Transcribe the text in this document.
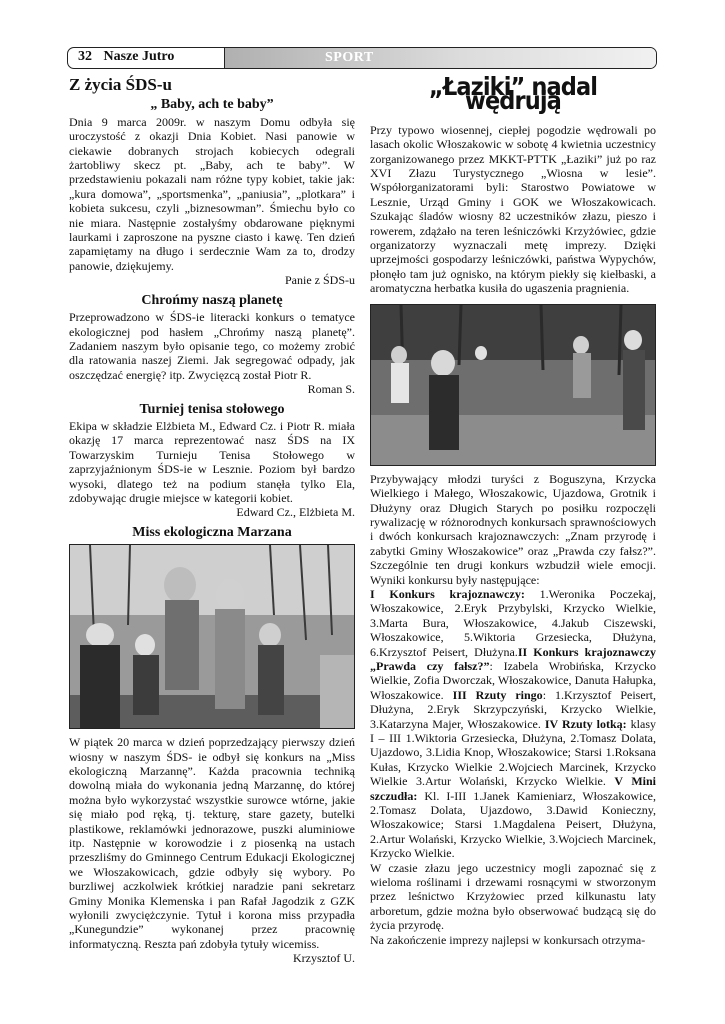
32 Nasze Jutro	SPORT
Z życia ŚDS-u
„ Baby, ach te baby”

Dnia 9 marca 2009r. w naszym Domu odbyła się uroczystość z okazji Dnia Kobiet. Nasi panowie w ciekawie dobranych strojach kobiecych odegrali żartobliwy skecz pt. „Baby, ach te baby”. W przedstawieniu pokazali nam różne typy kobiet, takie jak: „kura domowa”, „sportsmenka”, „paniusia”, „plotkara” i kobieta sukcesu, czyli „biznesowman”. Śmiechu było co nie miara. Następnie zostałyśmy obdarowane pięknymi laurkami i zaproszone na pyszne ciasto i kawę. Ten dzień zapamiętamy na długo i serdecznie Wam za to, drodzy panowie, dziękujemy.

Panie z ŚDS-u

Chrońmy naszą planetę

Przeprowadzono w ŚDS-ie literacki konkurs o tematyce ekologicznej pod hasłem „Chrońmy naszą planetę”. Zadaniem naszym było opisanie tego, co możemy zrobić dla ratowania naszej Ziemi. Jak segregować odpady, jak oszczędzać energię? itp. Zwycięzcą został Piotr R.

Roman S.

Turniej tenisa stołowego

Ekipa w składzie Elżbieta M., Edward Cz. i Piotr R. miała okazję 17 marca reprezentować nasz ŚDS na IX Towarzyskim Turnieju Tenisa Stołowego w zaprzyjaźnionym ŚDS-ie w Lesznie. Poziom był bardzo wysoki, dlatego też na podium stanęła tylko Ela, zdobywając drugie miejsce w kategorii kobiet.

Edward Cz., Elżbieta M.

Miss ekologiczna Marzana

W piątek 20 marca w dzień poprzedzający pierwszy dzień wiosny w naszym ŚDS- ie odbył się konkurs na „Miss ekologiczną Marzannę”. Każda pracownia techniką dowolną miała do wykonania jedną Marzannę, do której można było wykorzystać wszystkie surowce wtórne, jakie się miało pod ręką, tj. tekturę, stare gazety, butelki plastikowe, reklamówki jednorazowe, puszki aluminiowe itp. Następnie w korowodzie i z piosenką na ustach przeszliśmy do Gminnego Centrum Edukacji Ekologicznej we Włoszakowicach, gdzie odbyły się wybory. Po burzliwej aczkolwiek krótkiej naradzie pani sekretarz Gminy Monika Klemenska i pan Rafał Jagodzik z GZK wyłonili zwyciężczynie. Tytuł i korona miss przypadła „Kunegundzie” wykonanej przez pracownię informatyczną. Reszta pań zdobyła tytuły wicemiss.

Krzysztof U.

„Łaziki” nadal wędrują

Przy typowo wiosennej, ciepłej pogodzie wędrowali po lasach okolic Włoszakowic w sobotę 4 kwietnia uczestnicy zorganizowanego przez MKKT-PTTK „Łaziki” już po raz XVI Złazu Turystycznego „Wiosna w lesie”. Współorganizatorami byli: Starostwo Powiatowe w Lesznie, Urząd Gminy i GOK we Włoszakowicach. Szukając śladów wiosny 82 uczestników złazu, pieszo i rowerem, zdążało na teren leśniczówki Krzyżówiec, gdzie organizatorzy wyznaczali metę imprezy. Dzięki uprzejmości gospodarzy leśniczówki, państwa Wypychów, płonęło tam już ognisko, na którym piekły się kiełbaski, a aromatyczna herbatka kusiła do ugaszenia pragnienia.

Przybywający młodzi turyści z Boguszyna, Krzycka Wielkiego i Małego, Włoszakowic, Ujazdowa, Grotnik i Dłużyny oraz Długich Starych po posiłku rozpoczęli rywalizację w różnorodnych konkursach sprawnościowych i dwóch konkursach krajoznawczych: „Znam przyrodę i zabytki Gminy Włoszakowice” oraz „Prawda czy fałsz?”. Szczególnie ten drugi konkurs wzbudził wiele emocji. Wyniki konkursu były następujące:

I Konkurs krajoznawczy: 1.Weronika Poczekaj, Włoszakowice, 2.Eryk Przybylski, Krzycko Wielkie, 3.Marta Bura, Włoszakowice, 4.Jakub Ciszewski, Włoszakowice, 5.Wiktoria Grzesiecka, Dłużyna, 6.Krzysztof Peisert, Dłużyna.II Konkurs krajoznawczy „Prawda czy fałsz?”: Izabela Wrobińska, Krzycko Wielkie, Zofia Dworczak, Włoszakowice, Danuta Hałupka, Włoszakowice. III Rzuty ringo: 1.Krzysztof Peisert, Dłużyna, 2.Eryk Skrzypczyński, Krzycko Wielkie, 3.Katarzyna Majer, Włoszakowice. IV Rzuty lotką: klasy I – III 1.Wiktoria Grzesiecka, Dłużyna, 2.Tomasz Dolata, Ujazdowo, 3.Lidia Knop, Włoszakowice; Starsi 1.Roksana Kułas, Krzycko Wielkie 2.Wojciech Marcinek, Krzycko Wielkie 3.Artur Wolański, Krzycko Wielkie. V Mini szczudła: Kl. I-III 1.Janek Kamieniarz, Włoszakowice, 2.Tomasz Dolata, Ujazdowo, 3.Dawid Konieczny, Włoszakowice; Starsi 1.Magdalena Peisert, Dłużyna, 2.Artur Wolański, Krzycko Wielkie, 3.Wojciech Marcinek, Krzycko Wielkie.

W czasie złazu jego uczestnicy mogli zapoznać się z wieloma roślinami i drzewami rosnącymi w stworzonym przez leśnictwo Krzyżowiec przed kilkunastu laty arboretum, gdzie można było obserwować budzącą się do życia przyrodę.

Na zakończenie imprezy najlepsi w konkursach otrzyma-
